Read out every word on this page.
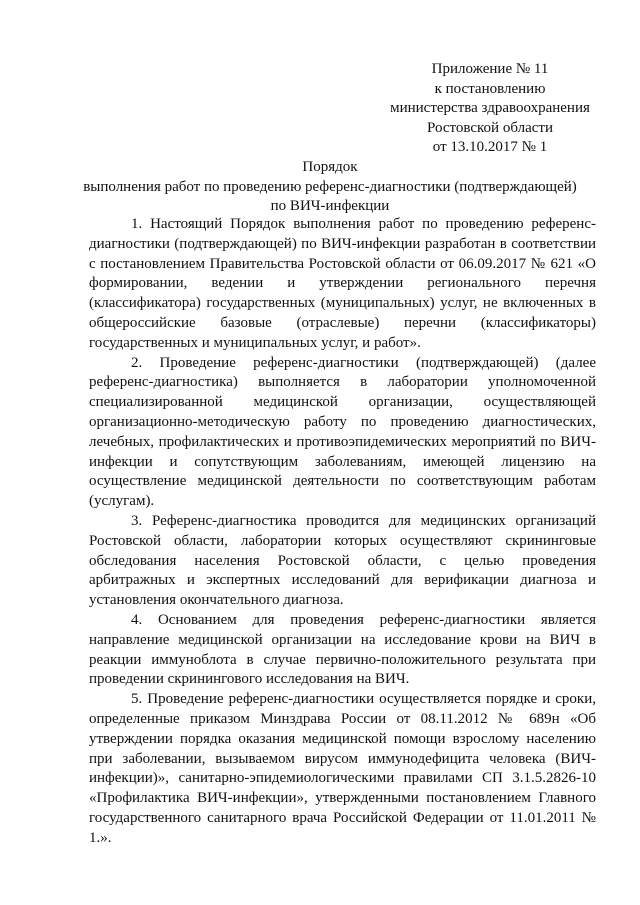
Приложение № 11
к постановлению
министерства здравоохранения
Ростовской области
от 13.10.2017 № 1
Порядок
выполнения работ по проведению референс-диагностики (подтверждающей)
по ВИЧ-инфекции

1. Настоящий Порядок выполнения работ по проведению референс-диагностики (подтверждающей) по ВИЧ-инфекции разработан в соответствии с постановлением Правительства Ростовской области от 06.09.2017 № 621 «О формировании, ведении и утверждении регионального перечня (классификатора) государственных (муниципальных) услуг, не включенных в общероссийские базовые (отраслевые) перечни (классификаторы) государственных и муниципальных услуг, и работ».

2. Проведение референс-диагностики (подтверждающей) (далее референс-диагностика) выполняется в лаборатории уполномоченной специализированной медицинской организации, осуществляющей организационно-методическую работу по проведению диагностических, лечебных, профилактических и противоэпидемических мероприятий по ВИЧ-инфекции и сопутствующим заболеваниям, имеющей лицензию на осуществление медицинской деятельности по соответствующим работам (услугам).

3. Референс-диагностика проводится для медицинских организаций Ростовской области, лаборатории которых осуществляют скрининговые обследования населения Ростовской области, с целью проведения арбитражных и экспертных исследований для верификации диагноза и установления окончательного диагноза.

4. Основанием для проведения референс-диагностики является направление медицинской организации на исследование крови на ВИЧ в реакции иммуноблота в случае первично-положительного результата при проведении скринингового исследования на ВИЧ.

5. Проведение референс-диагностики осуществляется порядке и сроки, определенные приказом Минздрава России от 08.11.2012 № 689н «Об утверждении порядка оказания медицинской помощи взрослому населению при заболевании, вызываемом вирусом иммунодефицита человека (ВИЧ-инфекции)», санитарно-эпидемиологическими правилами СП 3.1.5.2826-10 «Профилактика ВИЧ-инфекции», утвержденными постановлением Главного государственного санитарного врача Российской Федерации от 11.01.2011 № 1.».
